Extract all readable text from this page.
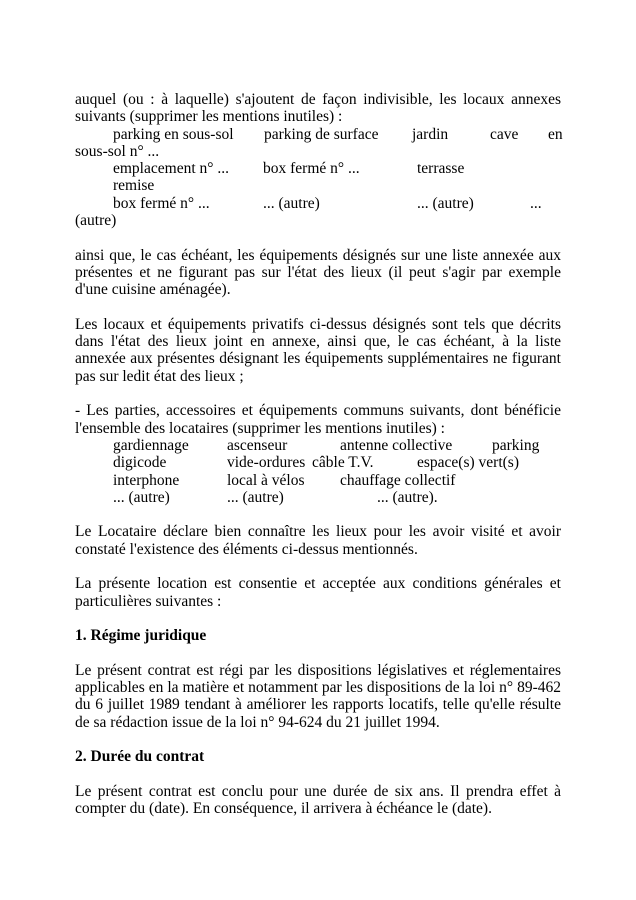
auquel (ou : à laquelle) s'ajoutent de façon indivisible, les locaux annexes suivants (supprimer les mentions inutiles) :

parking en sous-sol parking de surface jardin	cave en
sous-sol n° ...
emplacement n° ... box fermé n° ...	terrasse
remise
box fermé n° ...	... (autre)	... (autre)	...
(autre)

ainsi que, le cas échéant, les équipements désignés sur une liste annexée aux présentes et ne figurant pas sur l'état des lieux (il peut s'agir par exemple d'une cuisine aménagée).

Les locaux et équipements privatifs ci-dessus désignés sont tels que décrits dans l'état des lieux joint en annexe, ainsi que, le cas échéant, à la liste annexée aux présentes désignant les équipements supplémentaires ne figurant pas sur ledit état des lieux ;

- Les parties, accessoires et équipements communs suivants, dont bénéficie l'ensemble des locataires (supprimer les mentions inutiles) :

gardiennage ascenseur	antenne collective	parking
digicode	vide-ordures câble T.V.	espace(s) vert(s)
interphone	local à vélos chauffage collectif
... (autre)	... (autre)	... (autre).

Le Locataire déclare bien connaître les lieux pour les avoir visité et avoir constaté l'existence des éléments ci-dessus mentionnés.

La présente location est consentie et acceptée aux conditions générales et particulières suivantes :

1. Régime juridique

Le présent contrat est régi par les dispositions législatives et réglementaires applicables en la matière et notamment par les dispositions de la loi n° 89-462 du 6 juillet 1989 tendant à améliorer les rapports locatifs, telle qu'elle résulte de sa rédaction issue de la loi n° 94-624 du 21 juillet 1994.

2. Durée du contrat

Le présent contrat est conclu pour une durée de six ans. Il prendra effet à compter du (date). En conséquence, il arrivera à échéance le (date).
